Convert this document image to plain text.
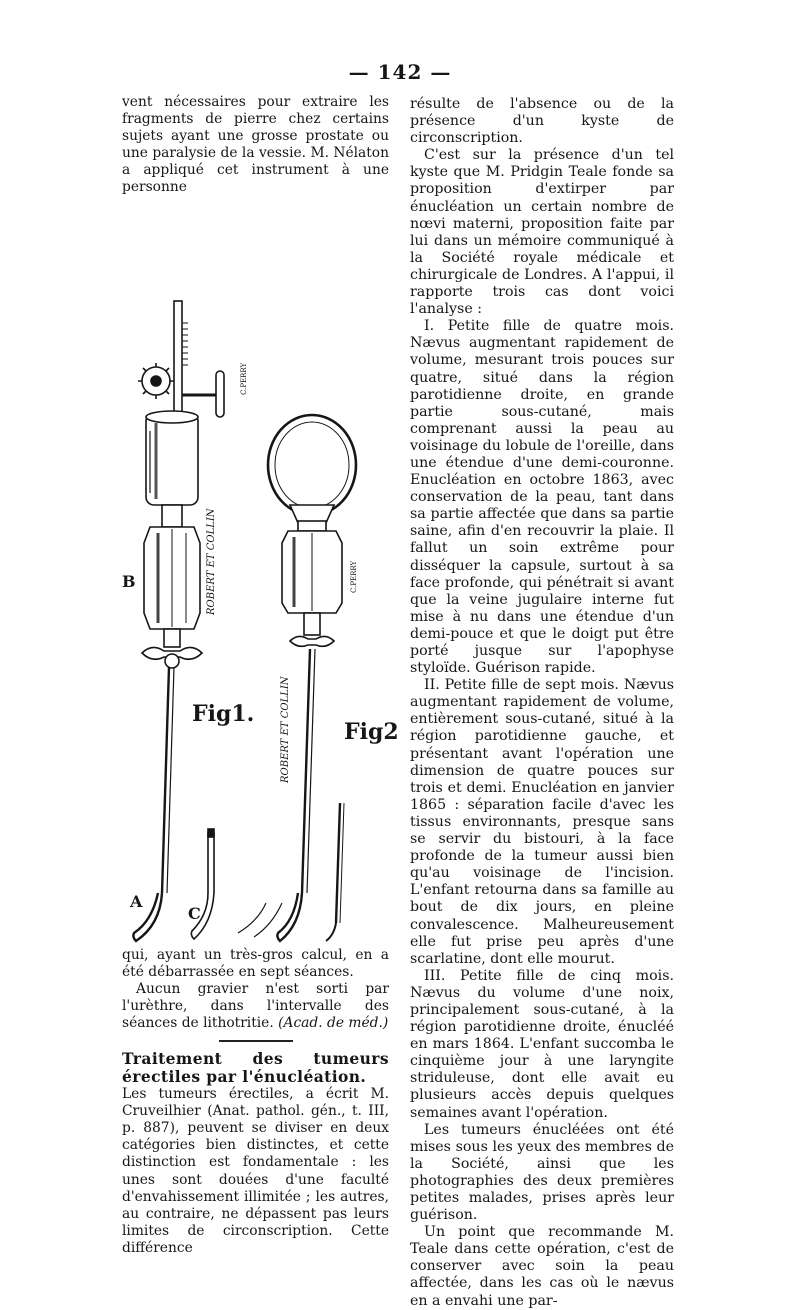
— 142 —

vent nécessaires pour extraire les fragments de pierre chez certains sujets ayant une grosse prostate ou une paralysie de la vessie. M. Nélaton a appliqué cet instrument à une personne

B
Fig1.
Fig2
A
C
ROBERT ET COLLIN
ROBERT ET COLLIN
C.PERRY
C.PERRY

qui, ayant un très-gros calcul, en a été débarrassée en sept séances.

Aucun gravier n'est sorti par l'urèthre, dans l'intervalle des séances de lithotritie. (Acad. de méd.)

Traitement des tumeurs érectiles par l'énucléation.

Les tumeurs érectiles, a écrit M. Cruveilhier (Anat. pathol. gén., t. III, p. 887), peuvent se diviser en deux catégories bien distinctes, et cette distinction est fondamentale : les unes sont douées d'une faculté d'envahissement illimitée ; les autres, au contraire, ne dépassent pas leurs limites de circonscription. Cette différence

résulte de l'absence ou de la présence d'un kyste de circonscription.

C'est sur la présence d'un tel kyste que M. Pridgin Teale fonde sa proposition d'extirper par énucléation un certain nombre de nœvi materni, proposition faite par lui dans un mémoire communiqué à la Société royale médicale et chirurgicale de Londres. A l'appui, il rapporte trois cas dont voici l'analyse :

I. Petite fille de quatre mois. Nævus augmentant rapidement de volume, mesurant trois pouces sur quatre, situé dans la région parotidienne droite, en grande partie sous-cutané, mais comprenant aussi la peau au voisinage du lobule de l'oreille, dans une étendue d'une demi-couronne. Enucléation en octobre 1863, avec conservation de la peau, tant dans sa partie affectée que dans sa partie saine, afin d'en recouvrir la plaie. Il fallut un soin extrême pour disséquer la capsule, surtout à sa face profonde, qui pénétrait si avant que la veine jugulaire interne fut mise à nu dans une étendue d'un demi-pouce et que le doigt put être porté jusque sur l'apophyse styloïde. Guérison rapide.

II. Petite fille de sept mois. Nævus augmentant rapidement de volume, entièrement sous-cutané, situé à la région parotidienne gauche, et présentant avant l'opération une dimension de quatre pouces sur trois et demi. Enucléation en janvier 1865 : séparation facile d'avec les tissus environnants, presque sans se servir du bistouri, à la face profonde de la tumeur aussi bien qu'au voisinage de l'incision. L'enfant retourna dans sa famille au bout de dix jours, en pleine convalescence. Malheureusement elle fut prise peu après d'une scarlatine, dont elle mourut.

III. Petite fille de cinq mois. Nævus du volume d'une noix, principalement sous-cutané, à la région parotidienne droite, énucléé en mars 1864. L'enfant succomba le cinquième jour à une laryngite striduleuse, dont elle avait eu plusieurs accès depuis quelques semaines avant l'opération.

Les tumeurs énucléées ont été mises sous les yeux des membres de la Société, ainsi que les photographies des deux premières petites malades, prises après leur guérison.

Un point que recommande M. Teale dans cette opération, c'est de conserver avec soin la peau affectée, dans les cas où le nævus en a envahi une par-
